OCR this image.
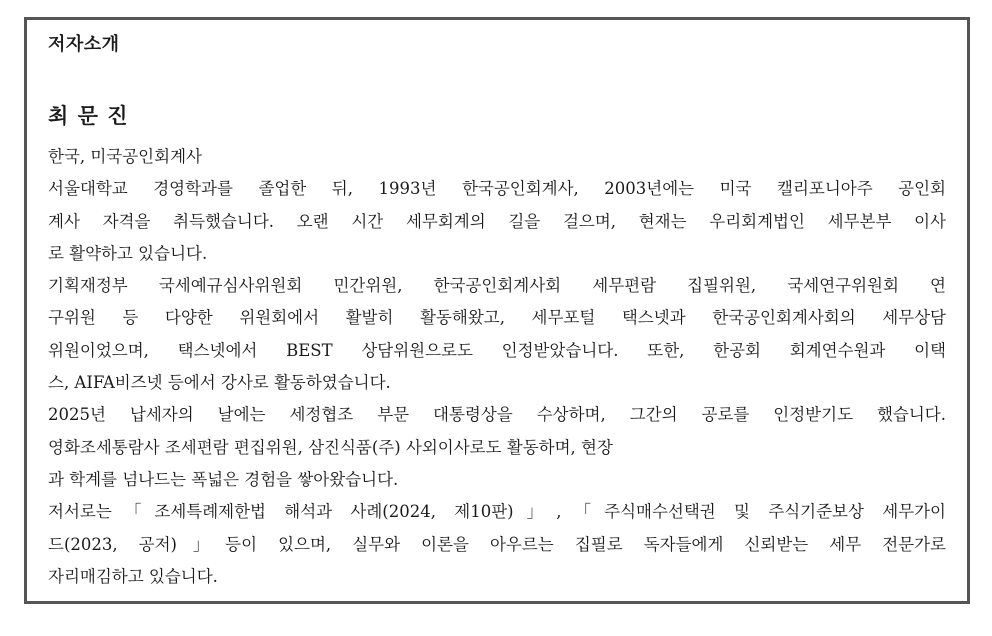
저자소개
최 문 진
한국, 미국공인회계사
서울대학교 경영학과를 졸업한 뒤, 1993년 한국공인회계사, 2003년에는 미국 캘리포니아주 공인회
계사 자격을 취득했습니다. 오랜 시간 세무회계의 길을 걸으며, 현재는 우리회계법인 세무본부 이사
로 활약하고 있습니다.
기획재정부 국세예규심사위원회 민간위원, 한국공인회계사회 세무편람 집필위원, 국세연구위원회 연
구위원 등 다양한 위원회에서 활발히 활동해왔고, 세무포털 택스넷과 한국공인회계사회의 세무상담
위원이었으며, 택스넷에서 BEST 상담위원으로도 인정받았습니다. 또한, 한공회 회계연수원과 이택
스, AIFA비즈넷 등에서 강사로 활동하였습니다.
2025년 납세자의 날에는 세정협조 부문 대통령상을 수상하며, 그간의 공로를 인정받기도 했습니다.
영화조세통람사 조세편람 편집위원, 삼진식품(주) 사외이사로도 활동하며, 현장
과 학계를 넘나드는 폭넓은 경험을 쌓아왔습니다.
저서로는「조세특례제한법 해석과 사례(2024, 제10판)」,「주식매수선택권 및 주식기준보상 세무가이
드(2023, 공저)」등이 있으며, 실무와 이론을 아우르는 집필로 독자들에게 신뢰받는 세무 전문가로
자리매김하고 있습니다.
